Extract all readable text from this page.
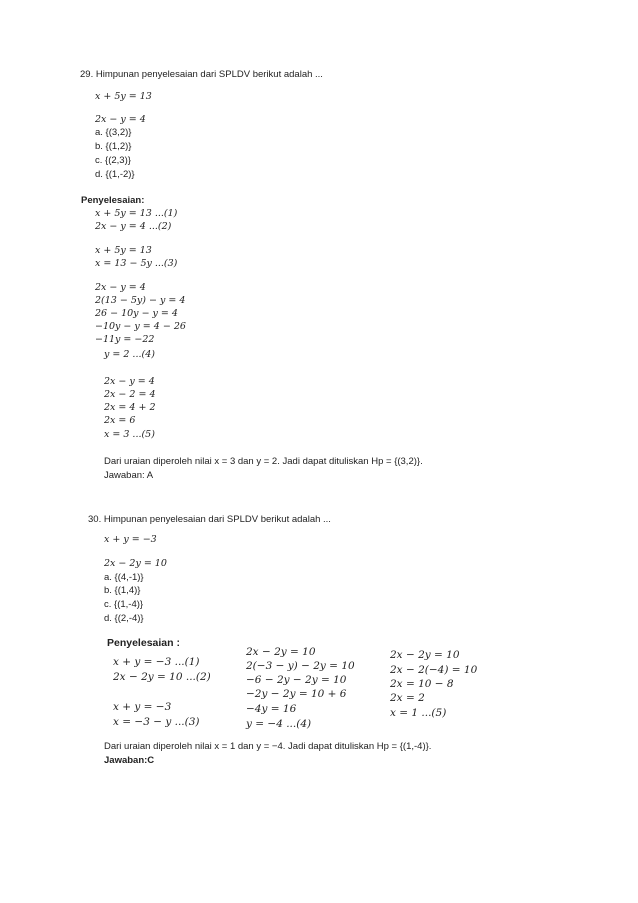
29. Himpunan penyelesaian dari SPLDV berikut adalah ...
x + 5y = 13
2x − y = 4
a. {(3,2)}
b. {(1,2)}
c. {(2,3)}
d. {(1,-2)}
Penyelesaian:
x + 5y = 13 ...(1)
2x − y = 4 ...(2)
x + 5y = 13
x = 13 − 5y ...(3)
2x − y = 4
2(13 − 5y) − y = 4
26 − 10y − y = 4
−10y − y = 4 − 26
−11y = −22
y = 2 ...(4)
2x − y = 4
2x − 2 = 4
2x = 4 + 2
2x = 6
x = 3 ...(5)
Dari uraian diperoleh nilai x = 3 dan y = 2. Jadi dapat dituliskan Hp = {(3,2)}.
Jawaban: A
30. Himpunan penyelesaian dari SPLDV berikut adalah ...
x + y = −3
2x − 2y = 10
a. {(4,-1)}
b. {(1,4)}
c. {(1,-4)}
d. {(2,-4)}
Penyelesaian :
x + y = −3 ...(1)
2x − 2y = 10 ...(2)
x + y = −3
x = −3 − y ...(3)
2x − 2y = 10
2(−3 − y) − 2y = 10
−6 − 2y − 2y = 10
−2y − 2y = 10 + 6
−4y = 16
y = −4 ...(4)
2x − 2y = 10
2x − 2(−4) = 10
2x = 10 − 8
2x = 2
x = 1 ...(5)
Dari uraian diperoleh nilai x = 1 dan y = −4. Jadi dapat dituliskan Hp = {(1,-4)}.
Jawaban:C
